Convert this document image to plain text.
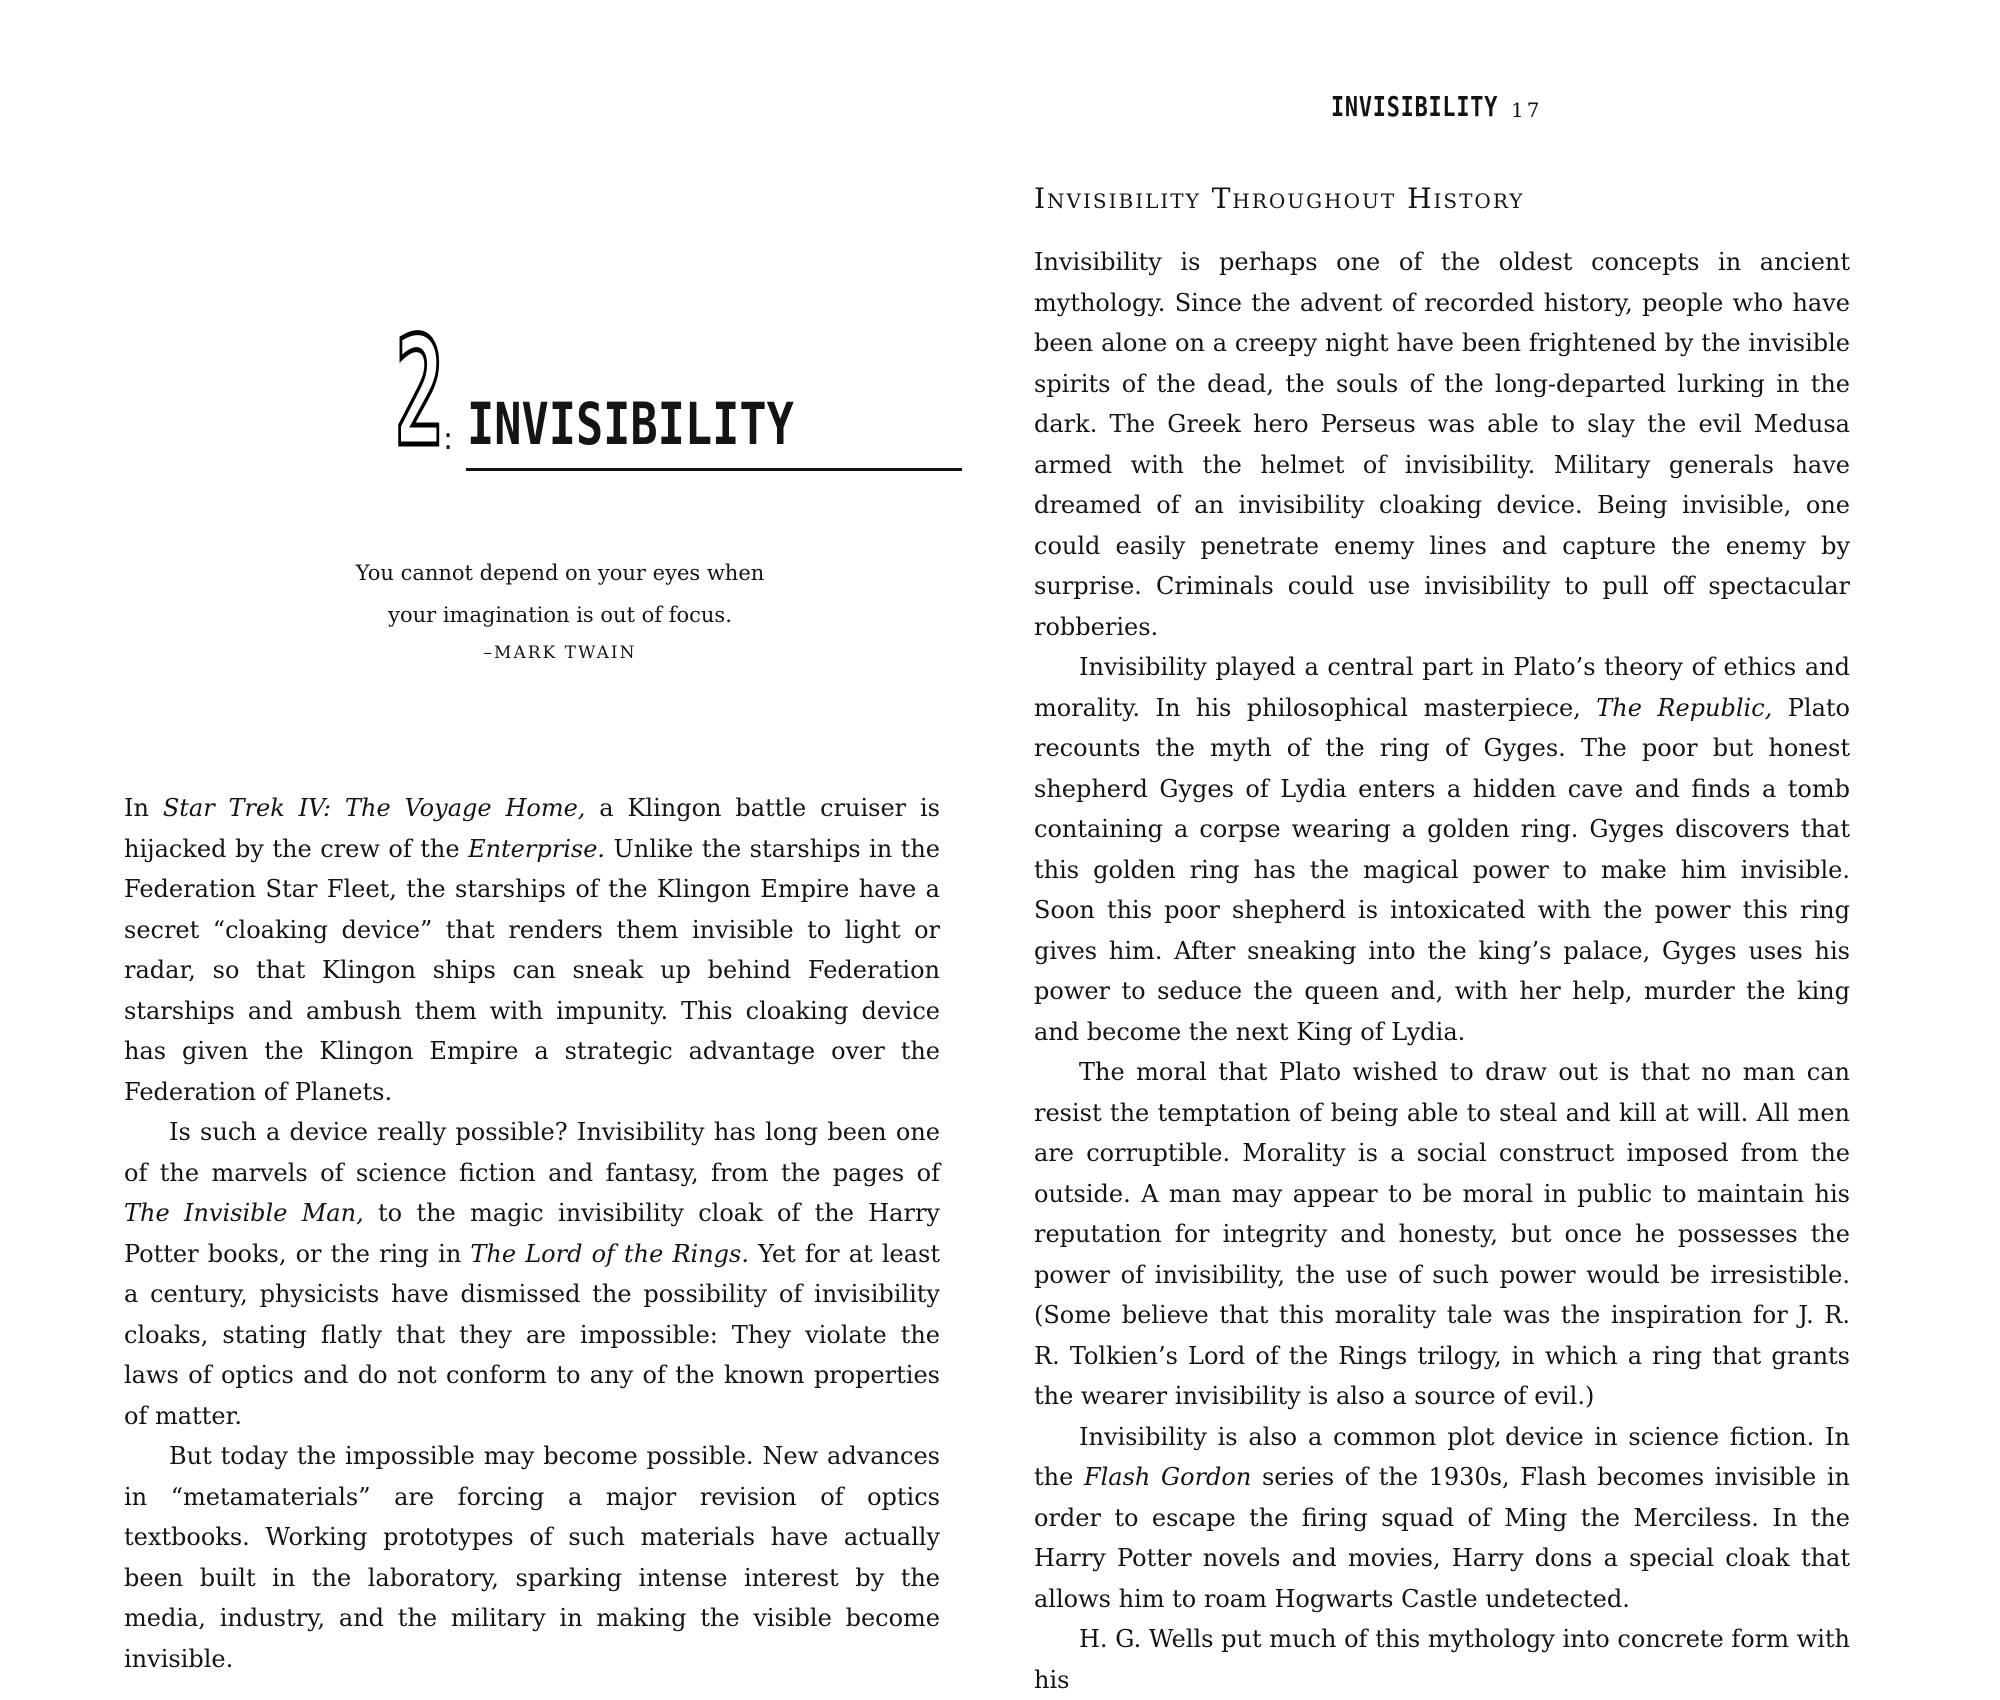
2 : INVISIBILITY
You cannot depend on your eyes when
your imagination is out of focus.
–MARK TWAIN

In Star Trek IV: The Voyage Home, a Klingon battle cruiser is hijacked by the crew of the Enterprise. Unlike the starships in the Federation Star Fleet, the starships of the Klingon Empire have a secret “cloaking device” that renders them invisible to light or radar, so that Klingon ships can sneak up behind Federation starships and ambush them with impunity. This cloaking device has given the Klingon Empire a strategic advantage over the Federation of Planets.

Is such a device really possible? Invisibility has long been one of the marvels of science fiction and fantasy, from the pages of The Invisible Man, to the magic invisibility cloak of the Harry Potter books, or the ring in The Lord of the Rings. Yet for at least a century, physicists have dismissed the possibility of invisibility cloaks, stating flatly that they are impossible: They violate the laws of optics and do not conform to any of the known properties of matter.

But today the impossible may become possible. New advances in “metamaterials” are forcing a major revision of optics textbooks. Working prototypes of such materials have actually been built in the laboratory, sparking intense interest by the media, industry, and the military in making the visible become invisible.

INVISIBILITY 17
Invisibility Throughout History

Invisibility is perhaps one of the oldest concepts in ancient mythology. Since the advent of recorded history, people who have been alone on a creepy night have been frightened by the invisible spirits of the dead, the souls of the long-departed lurking in the dark. The Greek hero Perseus was able to slay the evil Medusa armed with the helmet of invisibility. Military generals have dreamed of an invisibility cloaking device. Being invisible, one could easily penetrate enemy lines and capture the enemy by surprise. Criminals could use invisibility to pull off spectacular robberies.

Invisibility played a central part in Plato’s theory of ethics and morality. In his philosophical masterpiece, The Republic, Plato recounts the myth of the ring of Gyges. The poor but honest shepherd Gyges of Lydia enters a hidden cave and finds a tomb containing a corpse wearing a golden ring. Gyges discovers that this golden ring has the magical power to make him invisible. Soon this poor shepherd is intoxicated with the power this ring gives him. After sneaking into the king’s palace, Gyges uses his power to seduce the queen and, with her help, murder the king and become the next King of Lydia.

The moral that Plato wished to draw out is that no man can resist the temptation of being able to steal and kill at will. All men are corruptible. Morality is a social construct imposed from the outside. A man may appear to be moral in public to maintain his reputation for integrity and honesty, but once he possesses the power of invisibility, the use of such power would be irresistible. (Some believe that this morality tale was the inspiration for J. R. R. Tolkien’s Lord of the Rings trilogy, in which a ring that grants the wearer invisibility is also a source of evil.)

Invisibility is also a common plot device in science fiction. In the Flash Gordon series of the 1930s, Flash becomes invisible in order to escape the firing squad of Ming the Merciless. In the Harry Potter novels and movies, Harry dons a special cloak that allows him to roam Hogwarts Castle undetected.

H. G. Wells put much of this mythology into concrete form with his
